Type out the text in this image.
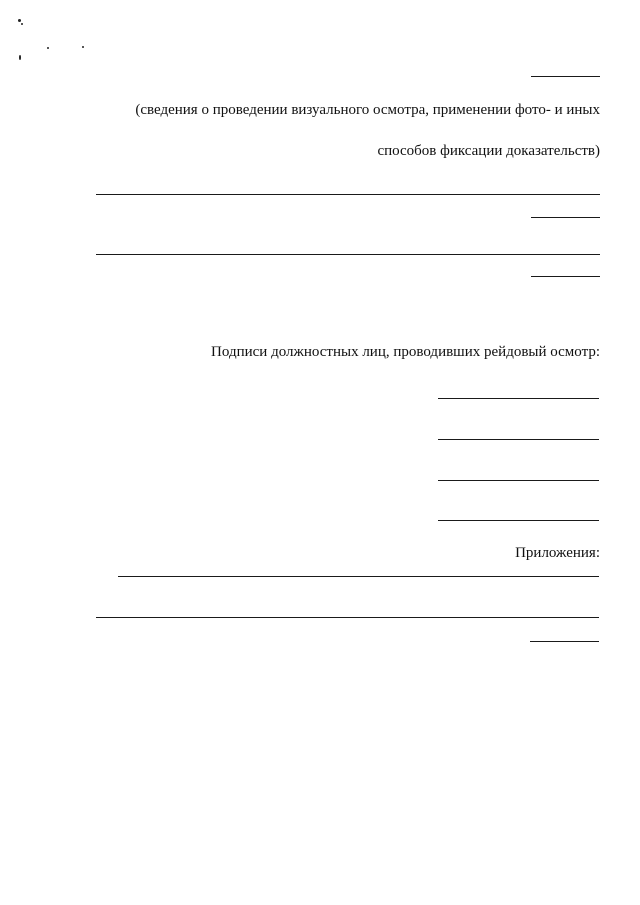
(сведения о проведении визуального осмотра, применении фото- и иных
способов фиксации доказательств)
Подписи должностных лиц, проводивших рейдовый осмотр:
Приложения:
